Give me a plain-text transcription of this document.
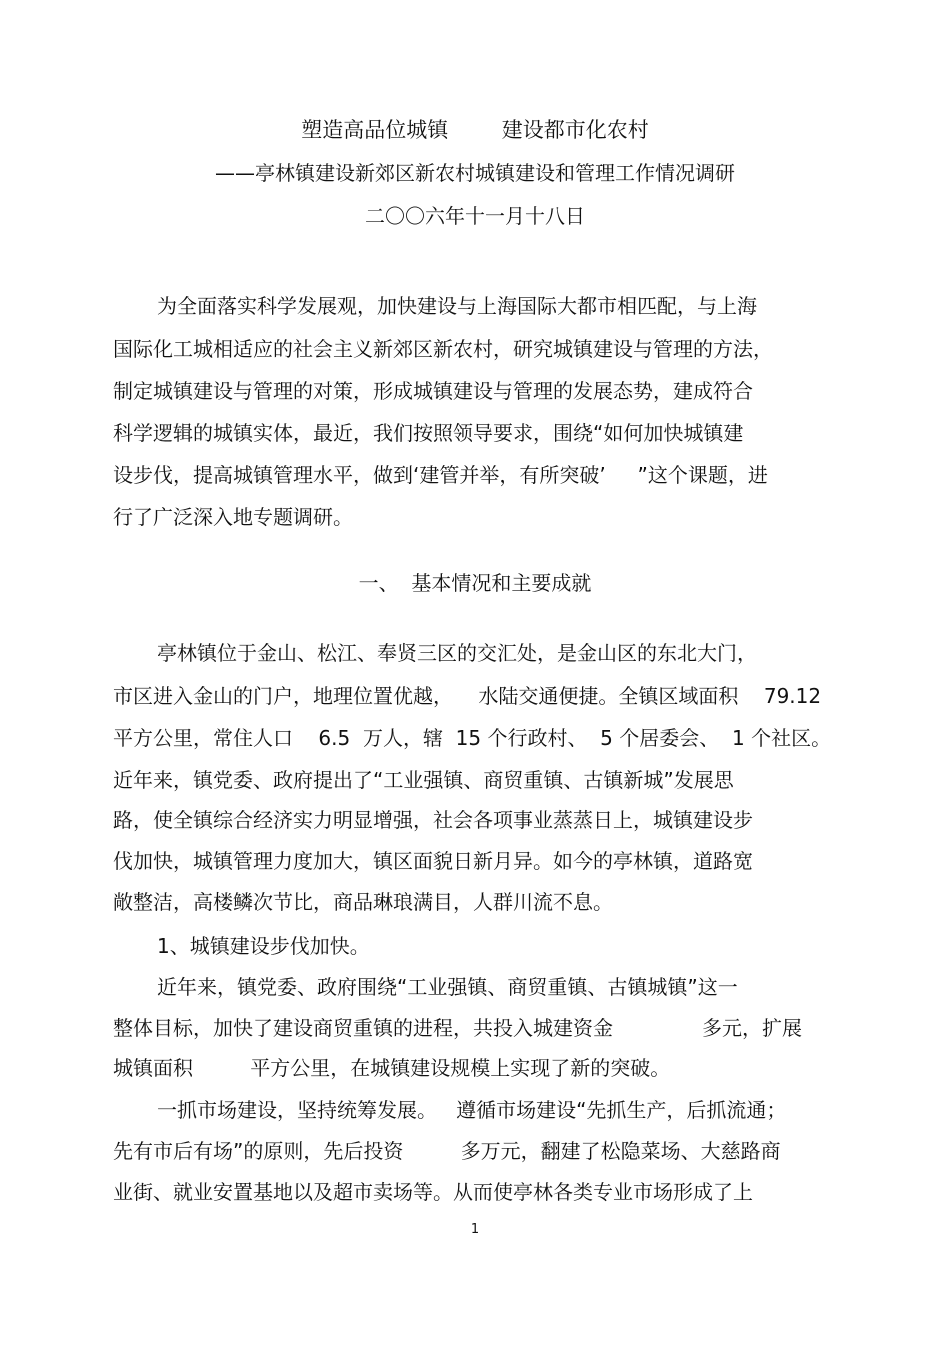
塑造高品位城镇        建设都市化农村
——亭林镇建设新郊区新农村城镇建设和管理工作情况调研
二〇〇六年十一月十八日
为全面落实科学发展观，加快建设与上海国际大都市相匹配，与上海
国际化工城相适应的社会主义新郊区新农村，研究城镇建设与管理的方法，
制定城镇建设与管理的对策，形成城镇建设与管理的发展态势，建成符合
科学逻辑的城镇实体，最近，我们按照领导要求，围绕“如何加快城镇建
设步伐，提高城镇管理水平，做到‘建管并举，有所突破’     ”这个课题，进
行了广泛深入地专题调研。
一、  基本情况和主要成就
亭林镇位于金山、松江、奉贤三区的交汇处，是金山区的东北大门，
市区进入金山的门户，地理位置优越，    水陆交通便捷。全镇区域面积    79.12
平方公里，常住人口    6.5  万人，辖  15 个行政村、  5 个居委会、  1 个社区。
近年来，镇党委、政府提出了“工业强镇、商贸重镇、古镇新城”发展思
路，使全镇综合经济实力明显增强，社会各项事业蒸蒸日上，城镇建设步
伐加快，城镇管理力度加大，镇区面貌日新月异。如今的亭林镇，道路宽
敞整洁，高楼鳞次节比，商品琳琅满目，人群川流不息。
1、城镇建设步伐加快。
近年来，镇党委、政府围绕“工业强镇、商贸重镇、古镇城镇”这一
整体目标，加快了建设商贸重镇的进程，共投入城建资金              多元，扩展
城镇面积         平方公里，在城镇建设规模上实现了新的突破。
一抓市场建设，坚持统筹发展。   遵循市场建设“先抓生产，后抓流通；
先有市后有场”的原则，先后投资         多万元，翻建了松隐菜场、大慈路商
业街、就业安置基地以及超市卖场等。从而使亭林各类专业市场形成了上
1
